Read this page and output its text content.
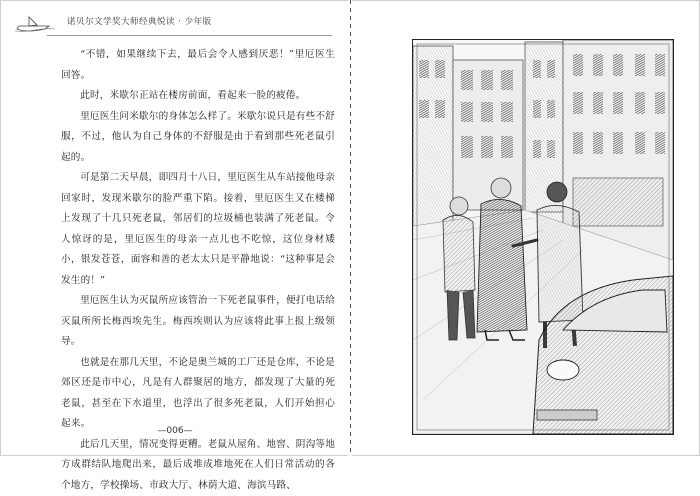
诺贝尔文学奖大师经典悦读 · 少年版

“不错，如果继续下去，最后会令人感到厌恶！”里厄医生回答。

此时，米歇尔正站在楼房前面，看起来一脸的疲倦。

里厄医生问米歇尔的身体怎么样了。米歇尔说只是有些不舒服，不过，他认为自己身体的不舒服是由于看到那些死老鼠引起的。

可是第二天早晨，即四月十八日，里厄医生从车站接他母亲回家时，发现米歇尔的脸严重下陷。接着，里厄医生又在楼梯上发现了十几只死老鼠，邻居们的垃圾桶也装满了死老鼠。令人惊讶的是，里厄医生的母亲一点儿也不吃惊，这位身材矮小，银发苍苍，面容和善的老太太只是平静地说：“这种事是会发生的！”

里厄医生认为灭鼠所应该管治一下死老鼠事件，便打电话给灭鼠所所长梅西埃先生。梅西埃则认为应该将此事上报上级领导。

也就是在那几天里，不论是奥兰城的工厂还是仓库，不论是郊区还是市中心，凡是有人群聚居的地方，都发现了大量的死老鼠，甚至在下水道里，也浮出了很多死老鼠，人们开始担心起来。

此后几天里，情况变得更糟。老鼠从屋角、地窖、阴沟等地方成群结队地爬出来，最后成堆成堆地死在人们日常活动的各个地方，学校操场、市政大厅、林荫大道、海滨马路、

—006—
